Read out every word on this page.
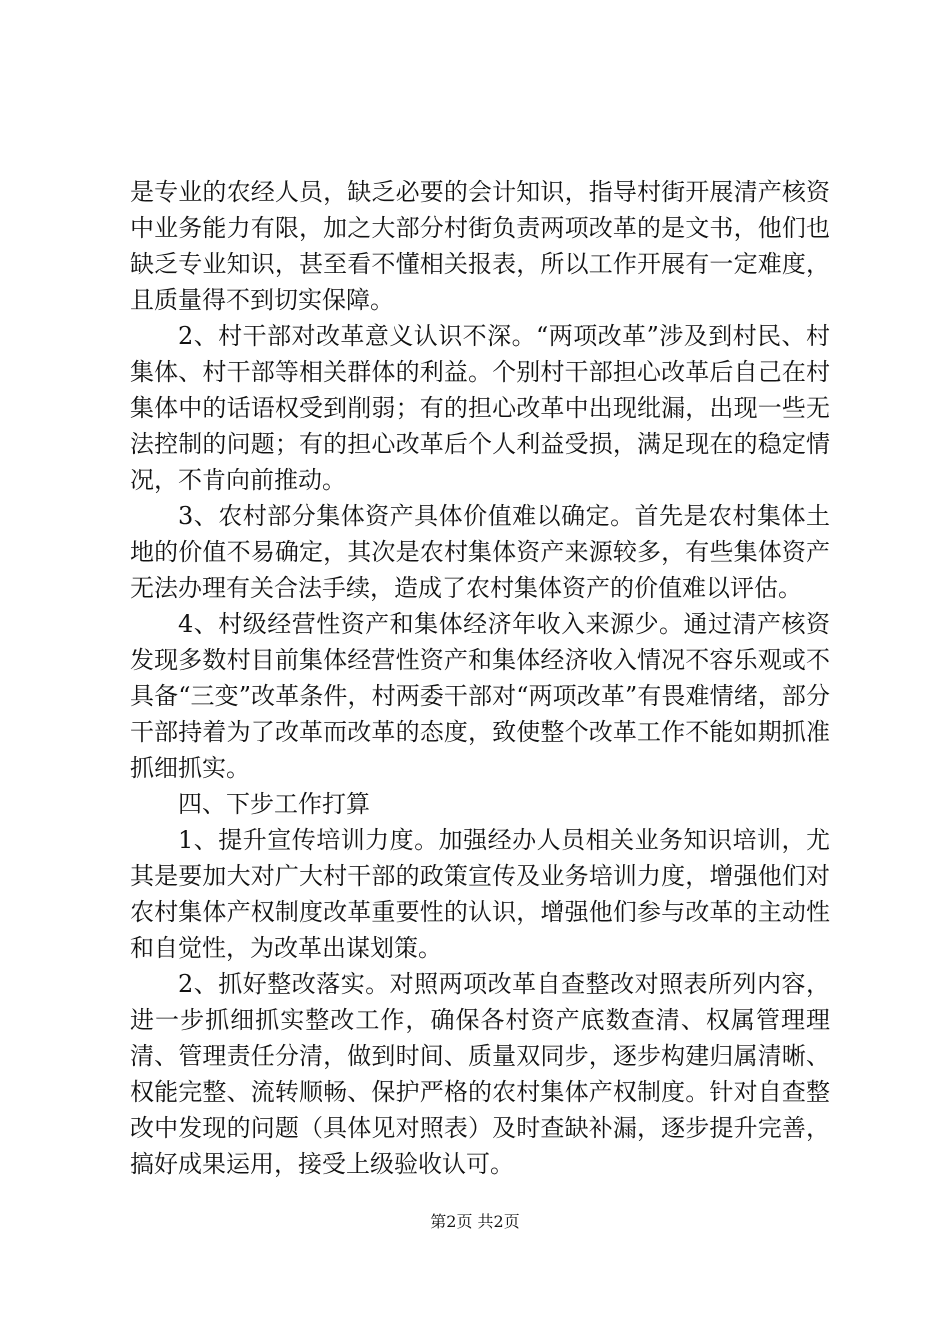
是专业的农经人员，缺乏必要的会计知识，指导村街开展清产核资中业务能力有限，加之大部分村街负责两项改革的是文书，他们也缺乏专业知识，甚至看不懂相关报表，所以工作开展有一定难度，且质量得不到切实保障。

2、村干部对改革意义认识不深。“两项改革”涉及到村民、村集体、村干部等相关群体的利益。个别村干部担心改革后自己在村集体中的话语权受到削弱；有的担心改革中出现纰漏，出现一些无法控制的问题；有的担心改革后个人利益受损，满足现在的稳定情况，不肯向前推动。

3、农村部分集体资产具体价值难以确定。首先是农村集体土地的价值不易确定，其次是农村集体资产来源较多，有些集体资产无法办理有关合法手续，造成了农村集体资产的价值难以评估。

4、村级经营性资产和集体经济年收入来源少。通过清产核资发现多数村目前集体经营性资产和集体经济收入情况不容乐观或不具备“三变”改革条件，村两委干部对“两项改革”有畏难情绪，部分干部持着为了改革而改革的态度，致使整个改革工作不能如期抓准抓细抓实。

四、下步工作打算

1、提升宣传培训力度。加强经办人员相关业务知识培训，尤其是要加大对广大村干部的政策宣传及业务培训力度，增强他们对农村集体产权制度改革重要性的认识，增强他们参与改革的主动性和自觉性，为改革出谋划策。

2、抓好整改落实。对照两项改革自查整改对照表所列内容，进一步抓细抓实整改工作，确保各村资产底数查清、权属管理理清、管理责任分清，做到时间、质量双同步，逐步构建归属清晰、权能完整、流转顺畅、保护严格的农村集体产权制度。针对自查整改中发现的问题（具体见对照表）及时查缺补漏，逐步提升完善，搞好成果运用，接受上级验收认可。

第2页 共2页
